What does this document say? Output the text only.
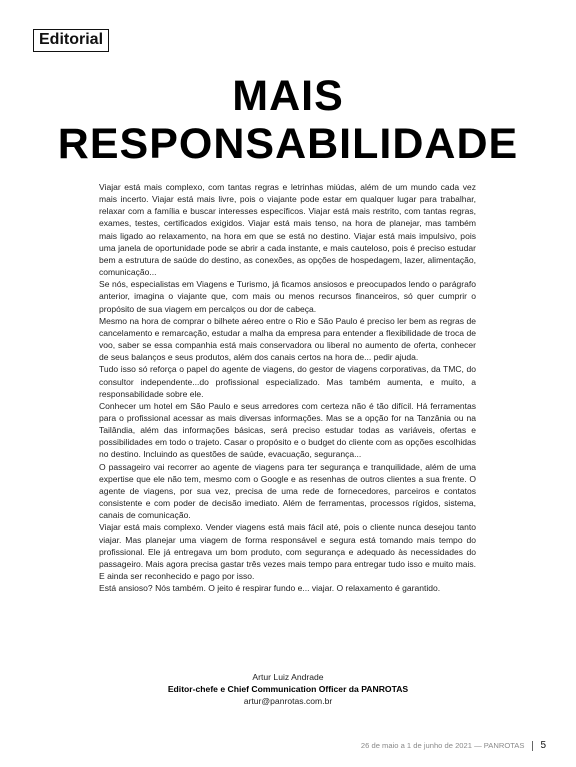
Editorial
MAIS
RESPONSABILIDADE

Viajar está mais complexo, com tantas regras e letrinhas miúdas, além de um mundo cada vez mais incerto. Viajar está mais livre, pois o viajante pode estar em qualquer lugar para trabalhar, relaxar com a família e buscar interesses específicos. Viajar está mais restrito, com tantas regras, exames, testes, certificados exigidos. Viajar está mais tenso, na hora de planejar, mas também mais ligado ao relaxamento, na hora em que se está no destino. Viajar está mais impulsivo, pois uma janela de oportunidade pode se abrir a cada instante, e mais cauteloso, pois é preciso estudar bem a estrutura de saúde do destino, as conexões, as opções de hospedagem, lazer, alimentação, comunicação...

Se nós, especialistas em Viagens e Turismo, já ficamos ansiosos e preocupados lendo o parágrafo anterior, imagina o viajante que, com mais ou menos recursos financeiros, só quer cumprir o propósito de sua viagem em percalços ou dor de cabeça.

Mesmo na hora de comprar o bilhete aéreo entre o Rio e São Paulo é preciso ler bem as regras de cancelamento e remarcação, estudar a malha da empresa para entender a flexibilidade de troca de voo, saber se essa companhia está mais conservadora ou liberal no aumento de oferta, conhecer de seus balanços e seus produtos, além dos canais certos na hora de... pedir ajuda.

Tudo isso só reforça o papel do agente de viagens, do gestor de viagens corporativas, da TMC, do consultor independente...do profissional especializado. Mas também aumenta, e muito, a responsabilidade sobre ele.

Conhecer um hotel em São Paulo e seus arredores com certeza não é tão difícil. Há ferramentas para o profissional acessar as mais diversas informações. Mas se a opção for na Tanzânia ou na Tailândia, além das informações básicas, será preciso estudar todas as variáveis, ofertas e possibilidades em todo o trajeto. Casar o propósito e o budget do cliente com as opções escolhidas no destino. Incluindo as questões de saúde, evacuação, segurança...

O passageiro vai recorrer ao agente de viagens para ter segurança e tranquilidade, além de uma expertise que ele não tem, mesmo com o Google e as resenhas de outros clientes a sua frente. O agente de viagens, por sua vez, precisa de uma rede de fornecedores, parceiros e contatos consistente e com poder de decisão imediato. Além de ferramentas, processos rígidos, sistema, canais de comunicação.

Viajar está mais complexo. Vender viagens está mais fácil até, pois o cliente nunca desejou tanto viajar. Mas planejar uma viagem de forma responsável e segura está tomando mais tempo do profissional. Ele já entregava um bom produto, com segurança e adequado às necessidades do passageiro. Mais agora precisa gastar três vezes mais tempo para entregar tudo isso e muito mais. E ainda ser reconhecido e pago por isso.

Está ansioso? Nós também. O jeito é respirar fundo e... viajar. O relaxamento é garantido.

Artur Luiz Andrade
Editor-chefe e Chief Communication Officer da PANROTAS
artur@panrotas.com.br
26 de maio a 1 de junho de 2021 — PANROTAS 5
